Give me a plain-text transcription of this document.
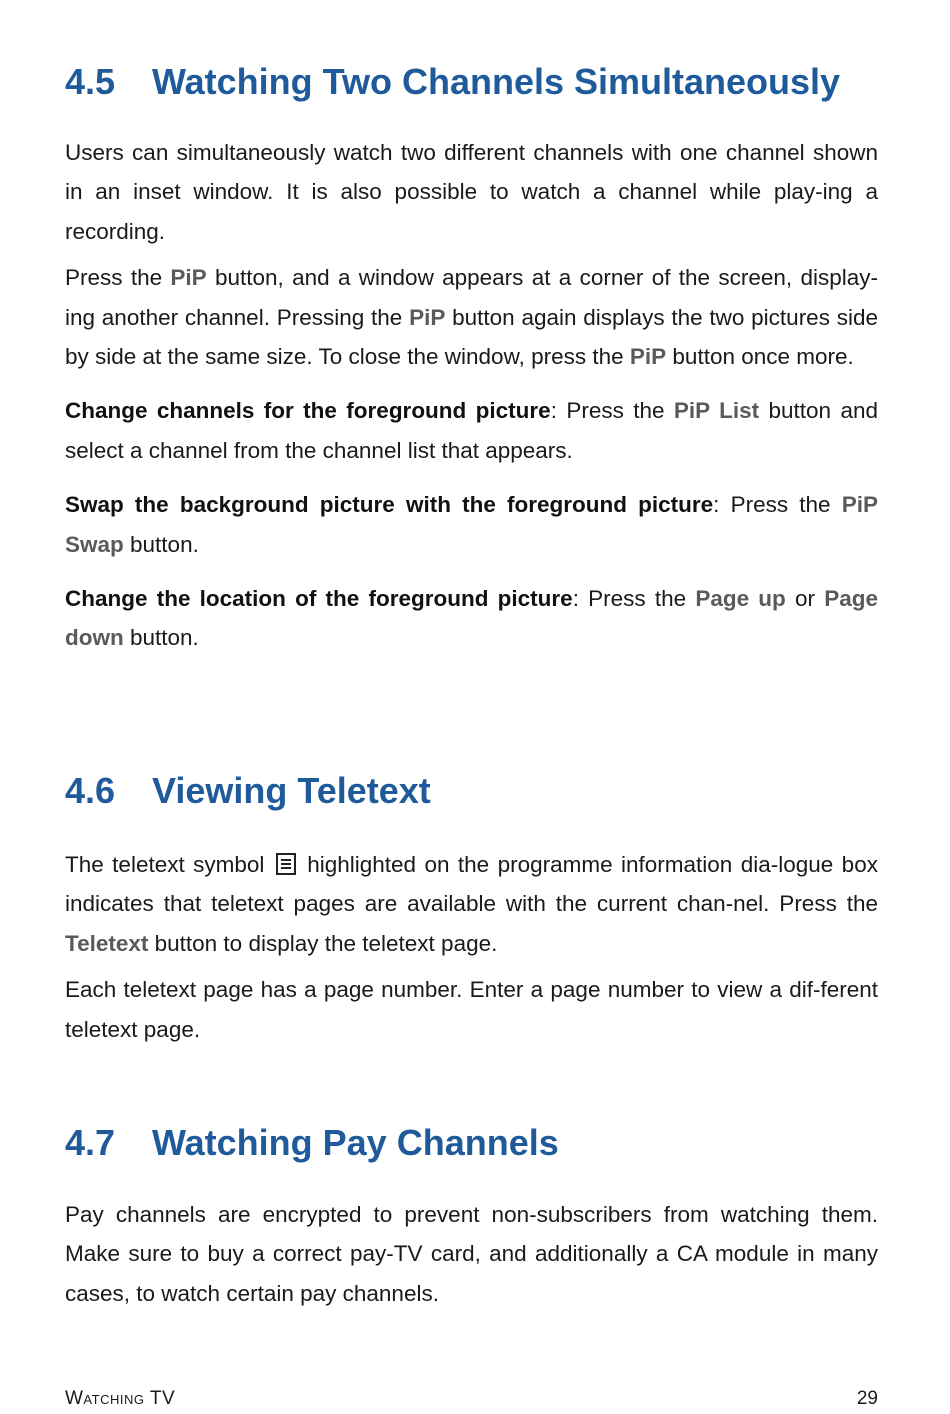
4.5 Watching Two Channels Simultaneously

Users can simultaneously watch two different channels with one channel shown in an inset window. It is also possible to watch a channel while play-ing a recording.

Press the PiP button, and a window appears at a corner of the screen, display-ing another channel. Pressing the PiP button again displays the two pictures side by side at the same size. To close the window, press the PiP button once more.

Change channels for the foreground picture: Press the PiP List button and select a channel from the channel list that appears.

Swap the background picture with the foreground picture: Press the PiP Swap button.

Change the location of the foreground picture: Press the Page up or Page down button.

4.6 Viewing Teletext

The teletext symbol highlighted on the programme information dia-logue box indicates that teletext pages are available with the current chan-nel. Press the Teletext button to display the teletext page.

Each teletext page has a page number. Enter a page number to view a dif-ferent teletext page.

4.7 Watching Pay Channels

Pay channels are encrypted to prevent non-subscribers from watching them. Make sure to buy a correct pay-TV card, and additionally a CA module in many cases, to watch certain pay channels.

Watching TV	29
